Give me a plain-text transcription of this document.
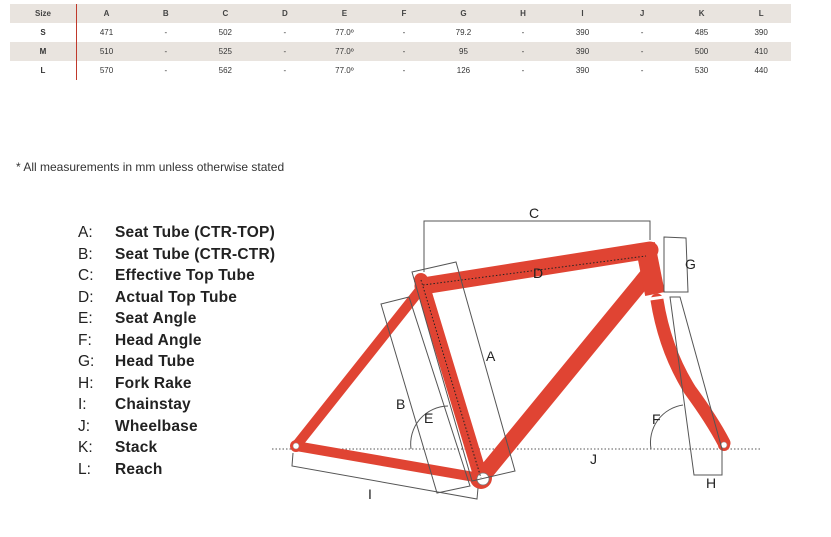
Size	A	B	C	D	E	F	G	H	I	J	K	L
S	471	-	502	-	77.0º	-	79.2	-	390	-	485	390
M	510	-	525	-	77.0º	-	95	-	390	-	500	410
L	570	-	562	-	77.0º	-	126	-	390	-	530	440
* All measurements in mm unless otherwise stated
A: Seat Tube (CTR-TOP)
B: Seat Tube (CTR-CTR)
C: Effective Top Tube
D: Actual Top Tube
E: Seat Angle
F: Head Angle
G: Head Tube
H: Fork Rake
I: Chainstay
J: Wheelbase
K: Stack
L: Reach
C
D
A
B
E
G
F
J
H
I
